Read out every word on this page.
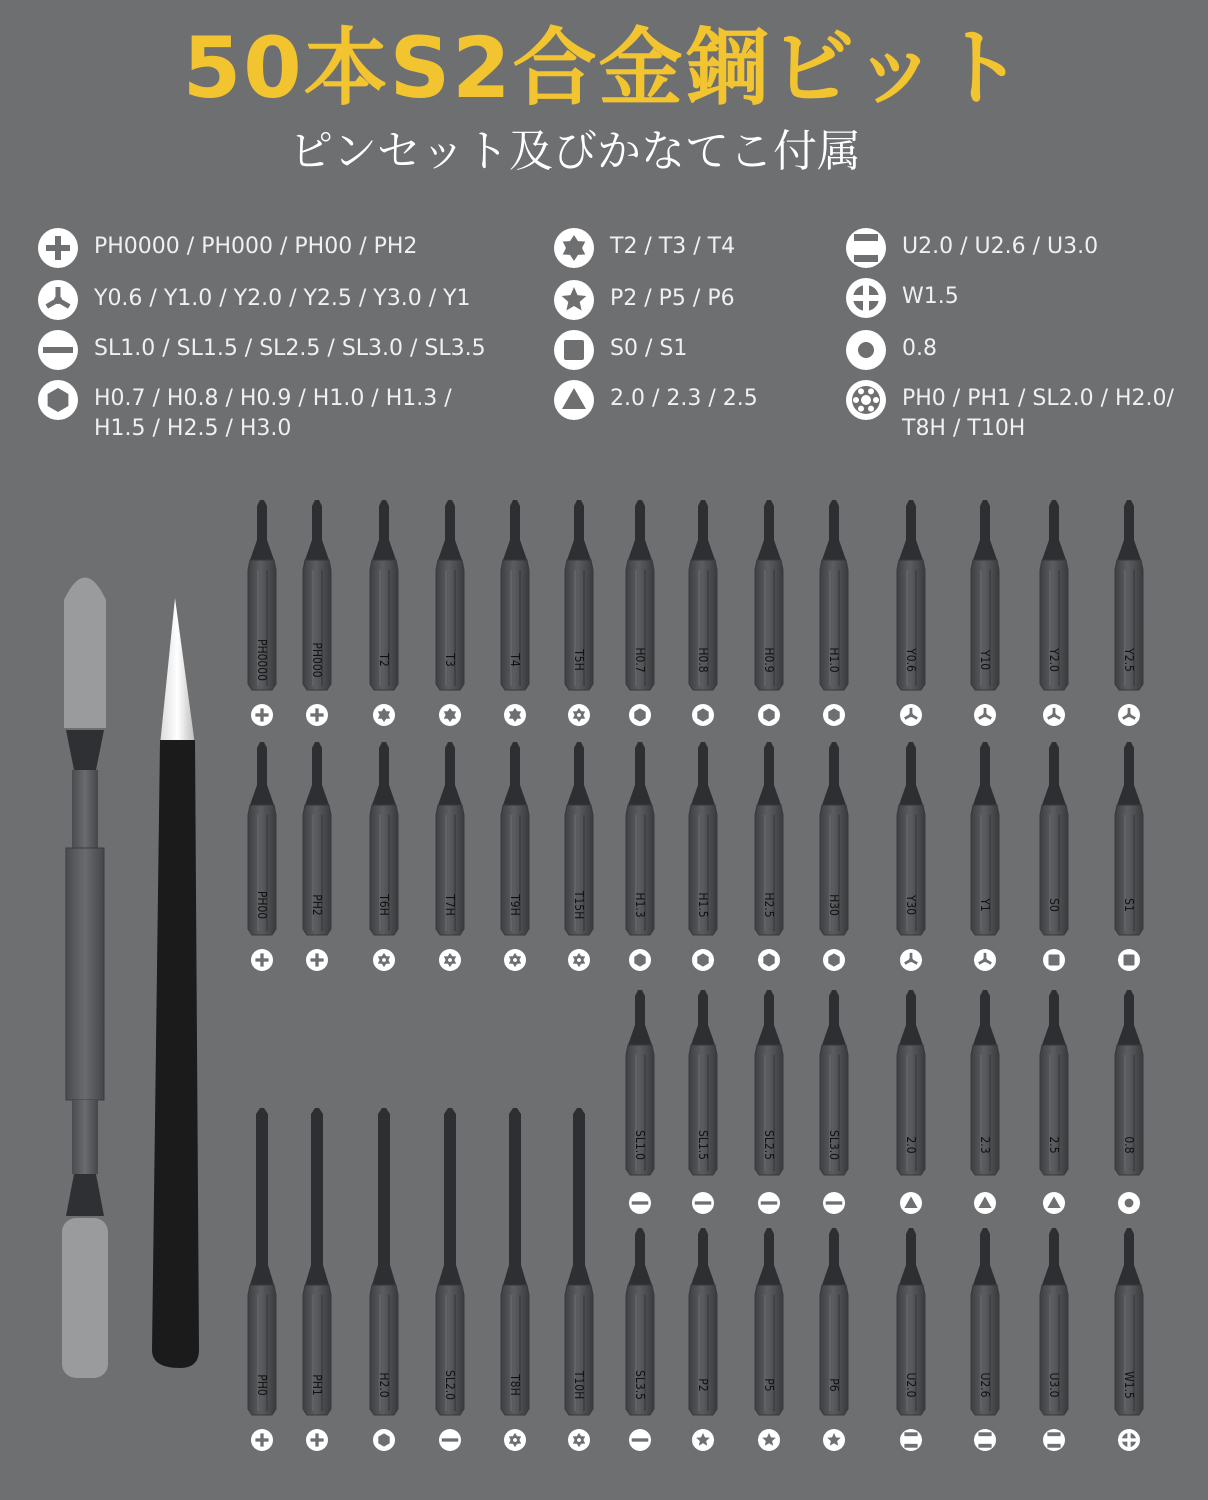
50本S2合金鋼ビット
ピンセット及びかなてこ付属
PH0000 / PH000 / PH00 / PH2
Y0.6 / Y1.0 / Y2.0 / Y2.5 / Y3.0 / Y1
SL1.0 / SL1.5 / SL2.5 / SL3.0 / SL3.5
H0.7 / H0.8 / H0.9 / H1.0 / H1.3 /
H1.5 / H2.5 / H3.0
T2 / T3 / T4
P2 / P5 / P6
S0 / S1
2.0 / 2.3 / 2.5
U2.0 / U2.6 / U3.0
W1.5
0.8
PH0 / PH1 / SL2.0 / H2.0/
T8H / T10H
PH0000	PH000	T2	T3	T4	T5H	H0.7	H0.8	H0.9	H1.0	Y0.6	Y10	Y2.0	Y2.5
PH00	PH2	T6H	T7H	T9H	T15H	H1.3	H1.5	H2.5	H30	Y30	Y1	S0	S1
SL1.0	SL1.5	SL2.5	SL3.0	2.0	2.3	2.5	0.8
SL3.5	P2	P5	P6	U2.0	U2.6	U3.0	W1.5
PH0	PH1	H2.0	SL2.0	T8H	T10H
